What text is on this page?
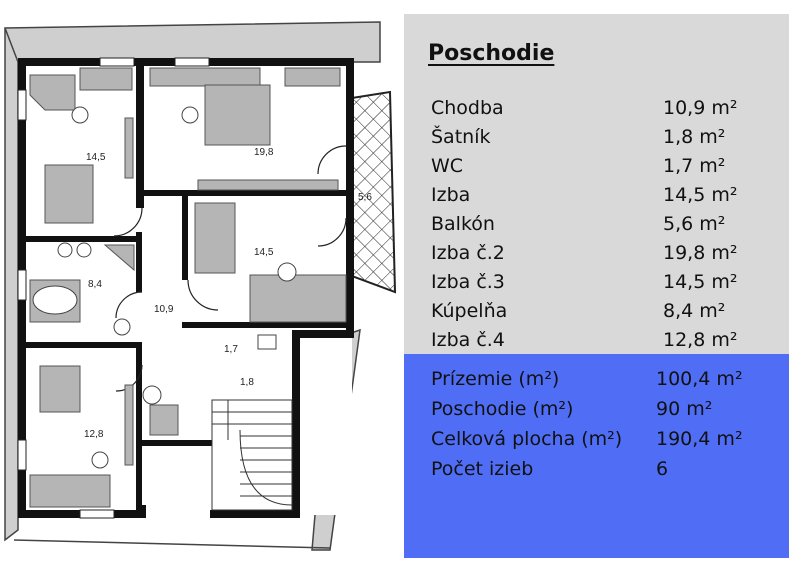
14,5	19,8
5,6
14,5
8,4
10,9
1,7
1,8
12,8
Poschodie
Chodba	10,9 m²
Šatník	1,8 m²
WC	1,7 m²
Izba	14,5 m²
Balkón	5,6 m²
Izba č.2	19,8 m²
Izba č.3	14,5 m²
Kúpelňa	8,4 m²
Izba č.4	12,8 m²
Prízemie (m²)	100,4 m²
Poschodie (m²)	90 m²
Celková plocha (m²) 190,4 m²
Počet izieb	6
